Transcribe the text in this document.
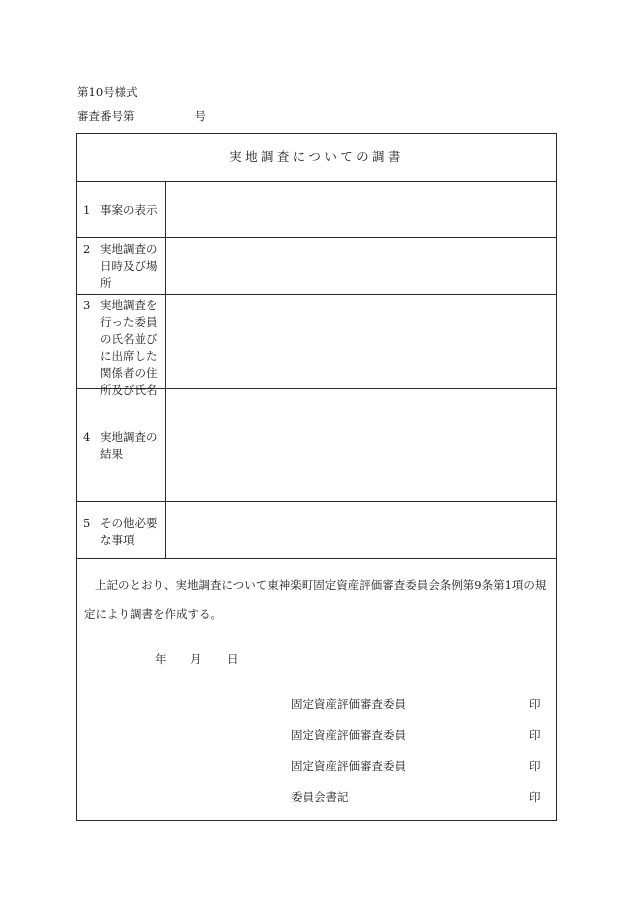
第10号様式
審査番号第	号
実地調査についての調書
1 事案の表示
2 実地調査の日時及び場所
3 実地調査を行った委員の氏名並びに出席した関係者の住所及び氏名
4 実地調査の結果
5 その他必要な事項

上記のとおり、実地調査について東神楽町固定資産評価審査委員会条例第9条第1項の規定により調書を作成する。

年 月 日
固定資産評価審査委員	印
固定資産評価審査委員	印
固定資産評価審査委員	印
委員会書記	印
